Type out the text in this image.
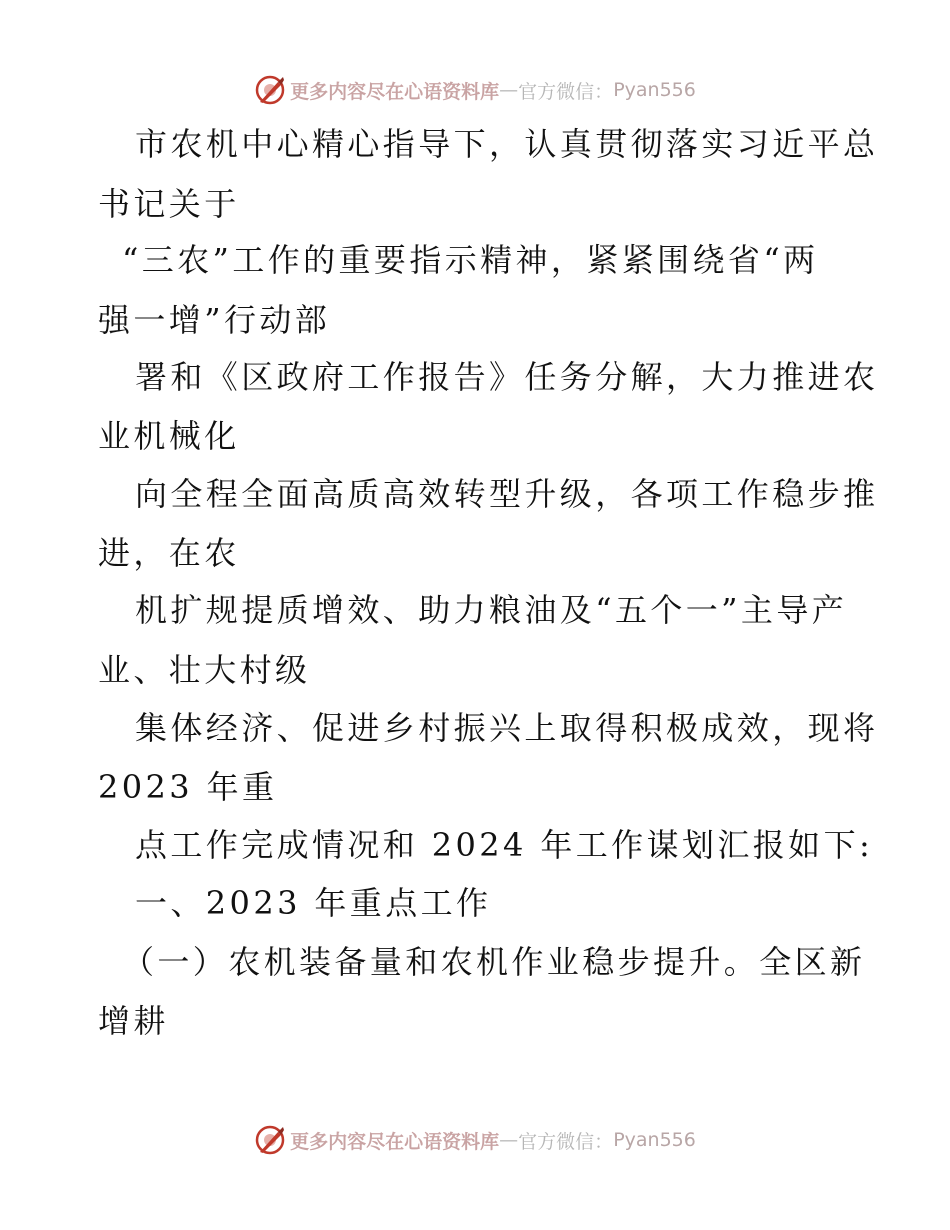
更多内容尽在心语资料库 — 官方微信： Pyan556
市农机中心精心指导下，认真贯彻落实习近平总
书记关于
“三农”工作的重要指示精神，紧紧围绕省“两
强一增”行动部
署和《区政府工作报告》任务分解，大力推进农
业机械化
向全程全面高质高效转型升级，各项工作稳步推
进，在农
机扩规提质增效、助力粮油及“五个一”主导产
业、壮大村级
集体经济、促进乡村振兴上取得积极成效，现将
2023 年重
点工作完成情况和 2024 年工作谋划汇报如下:
一、2023 年重点工作
（一）农机装备量和农机作业稳步提升。全区新
增耕
更多内容尽在心语资料库 — 官方微信： Pyan556
